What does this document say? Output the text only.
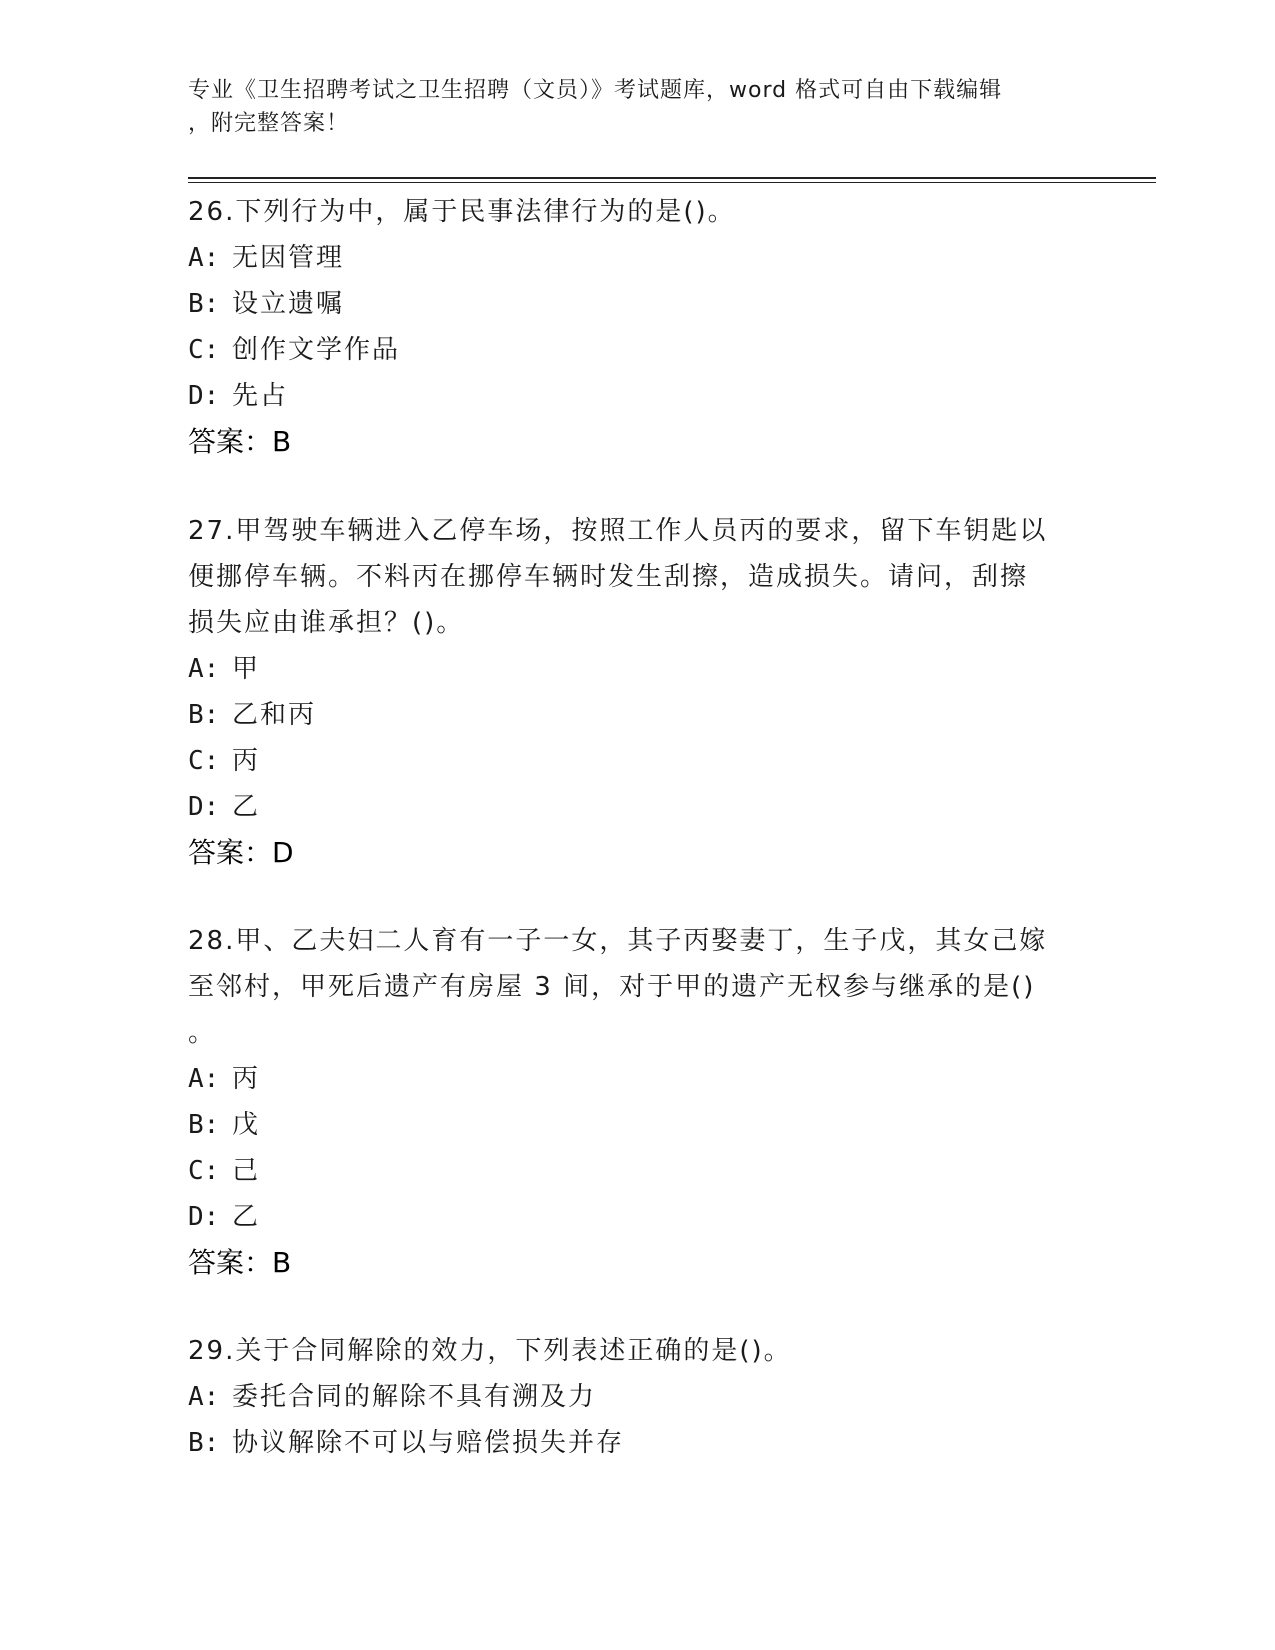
专业《卫生招聘考试之卫生招聘（文员）》考试题库，word 格式可自由下载编辑
，附完整答案！
26.下列行为中，属于民事法律行为的是()。
A: 无因管理
B: 设立遗嘱
C: 创作文学作品
D: 先占
答案：B
27.甲驾驶车辆进入乙停车场，按照工作人员丙的要求，留下车钥匙以
便挪停车辆。不料丙在挪停车辆时发生刮擦，造成损失。请问，刮擦
损失应由谁承担？()。
A: 甲
B: 乙和丙
C: 丙
D: 乙
答案：D
28.甲、乙夫妇二人育有一子一女，其子丙娶妻丁，生子戊，其女己嫁
至邻村，甲死后遗产有房屋 3 间，对于甲的遗产无权参与继承的是()
。
A: 丙
B: 戊
C: 己
D: 乙
答案：B
29.关于合同解除的效力，下列表述正确的是()。
A: 委托合同的解除不具有溯及力
B: 协议解除不可以与赔偿损失并存
